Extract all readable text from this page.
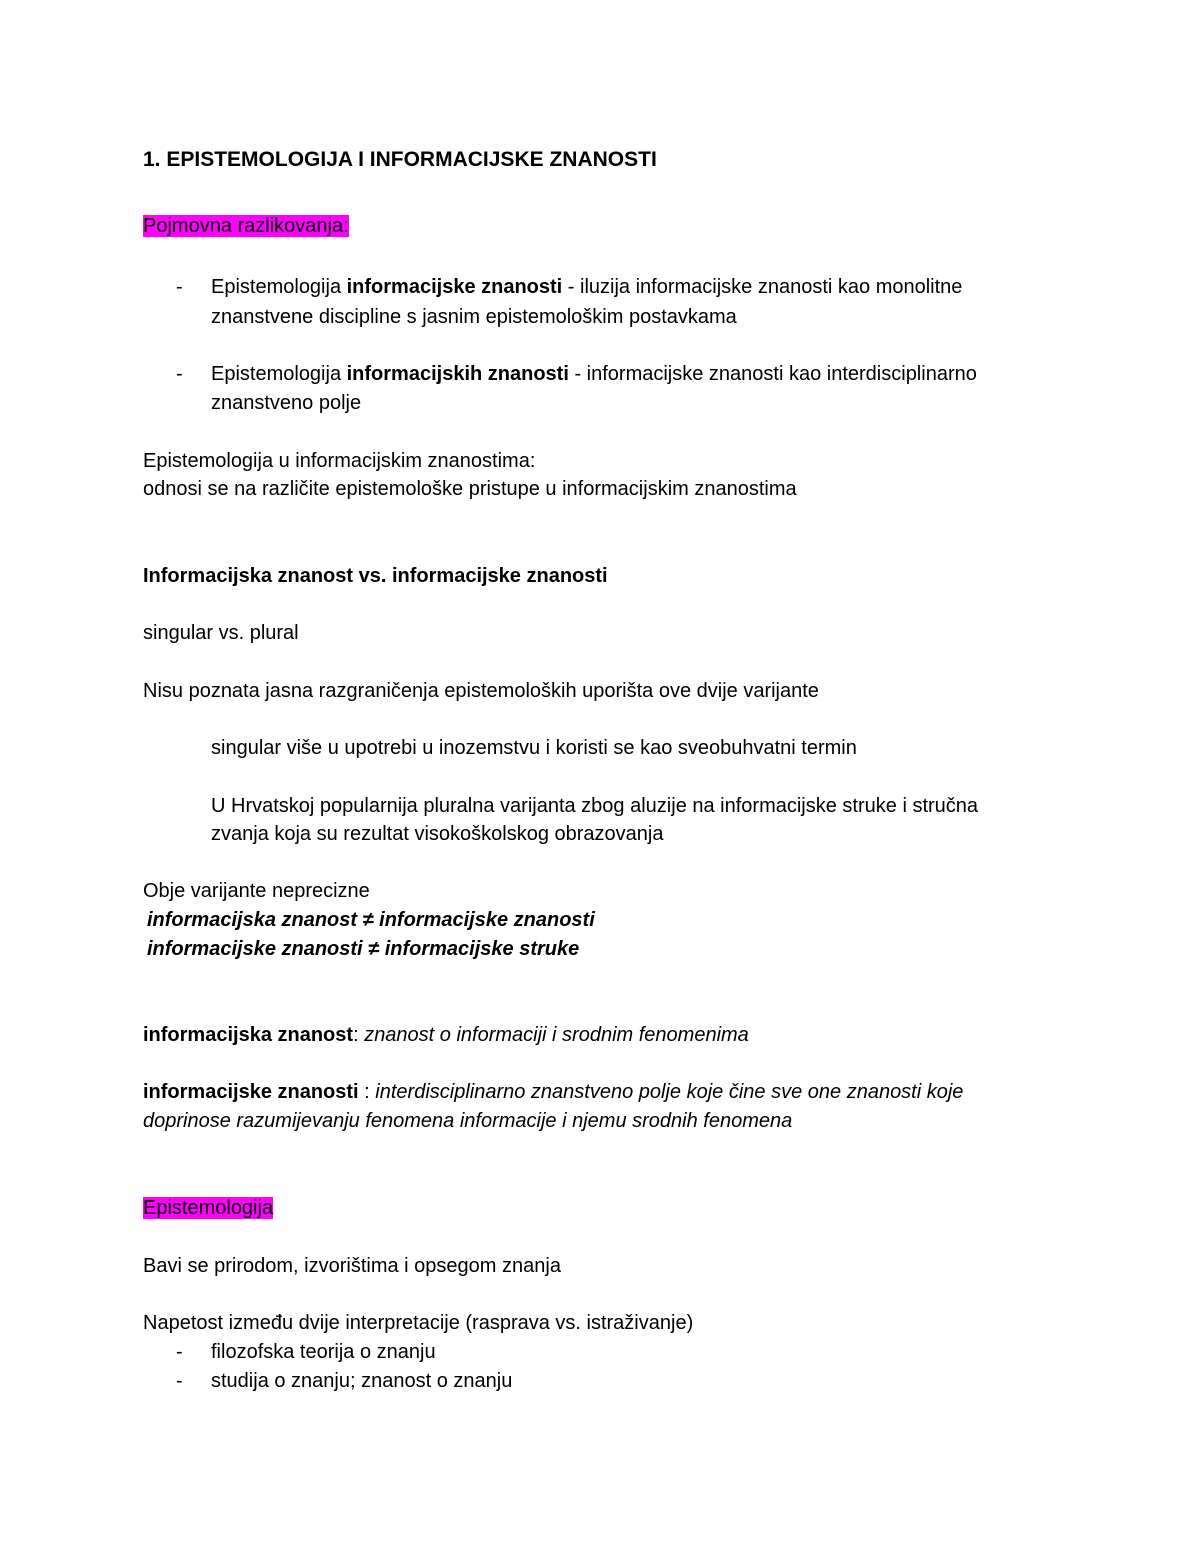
1. EPISTEMOLOGIJA I INFORMACIJSKE ZNANOSTI
Pojmovna razlikovanja:
- Epistemologija informacijske znanosti - iluzija informacijske znanosti kao monolitne
znanstvene discipline s jasnim epistemološkim postavkama
- Epistemologija informacijskih znanosti - informacijske znanosti kao interdisciplinarno
znanstveno polje
Epistemologija u informacijskim znanostima:
odnosi se na različite epistemološke pristupe u informacijskim znanostima
Informacijska znanost vs. informacijske znanosti
singular vs. plural
Nisu poznata jasna razgraničenja epistemoloških uporišta ove dvije varijante
singular više u upotrebi u inozemstvu i koristi se kao sveobuhvatni termin
U Hrvatskoj popularnija pluralna varijanta zbog aluzije na informacijske struke i stručna
zvanja koja su rezultat visokoškolskog obrazovanja
Obje varijante neprecizne
informacijska znanost ≠ informacijske znanosti
informacijske znanosti ≠ informacijske struke
informacijska znanost: znanost o informaciji i srodnim fenomenima
informacijske znanosti : interdisciplinarno znanstveno polje koje čine sve one znanosti koje
doprinose razumijevanju fenomena informacije i njemu srodnih fenomena
Epistemologija
Bavi se prirodom, izvorištima i opsegom znanja
Napetost između dvije interpretacije (rasprava vs. istraživanje)
- filozofska teorija o znanju
- studija o znanju; znanost o znanju
